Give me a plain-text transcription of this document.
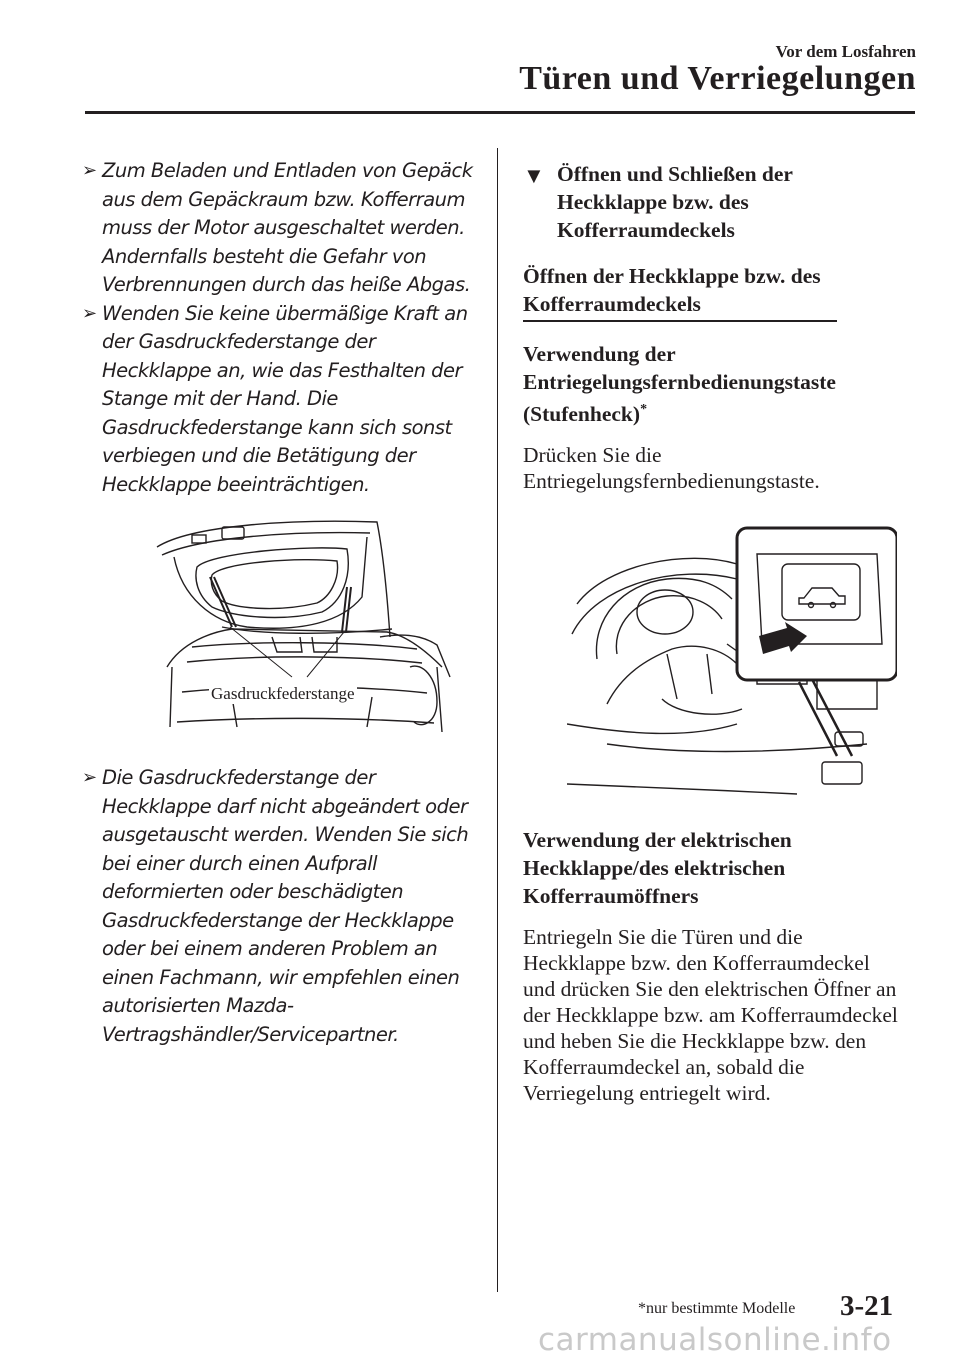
Vor dem Losfahren
Türen und Verriegelungen
➢ Zum Beladen und Entladen von Gepäck aus dem Gepäckraum bzw. Kofferraum muss der Motor ausgeschaltet werden. Andernfalls besteht die Gefahr von Verbrennungen durch das heiße Abgas.
➢ Wenden Sie keine übermäßige Kraft an der Gasdruckfederstange der Heckklappe an, wie das Festhalten der Stange mit der Hand. Die Gasdruckfederstange kann sich sonst verbiegen und die Betätigung der Heckklappe beeinträchtigen.
Gasdruckfederstange
➢ Die Gasdruckfederstange der Heckklappe darf nicht abgeändert oder ausgetauscht werden. Wenden Sie sich bei einer durch einen Aufprall deformierten oder beschädigten Gasdruckfederstange der Heckklappe oder bei einem anderen Problem an einen Fachmann, wir empfehlen einen autorisierten Mazda-Vertragshändler/Servicepartner.
▼ Öffnen und Schließen der Heckklappe bzw. des Kofferraumdeckels
Öffnen der Heckklappe bzw. des Kofferraumdeckels
Verwendung der Entriegelungsfernbedienungstaste (Stufenheck)*
Drücken Sie die Entriegelungsfernbedienungstaste.
Verwendung der elektrischen Heckklappe/des elektrischen Kofferraumöffners
Entriegeln Sie die Türen und die Heckklappe bzw. den Kofferraumdeckel und drücken Sie den elektrischen Öffner an der Heckklappe bzw. am Kofferraumdeckel und heben Sie die Heckklappe bzw. den Kofferraumdeckel an, sobald die Verriegelung entriegelt wird.
*nur bestimmte Modelle 3-21
carmanualsonline.info
